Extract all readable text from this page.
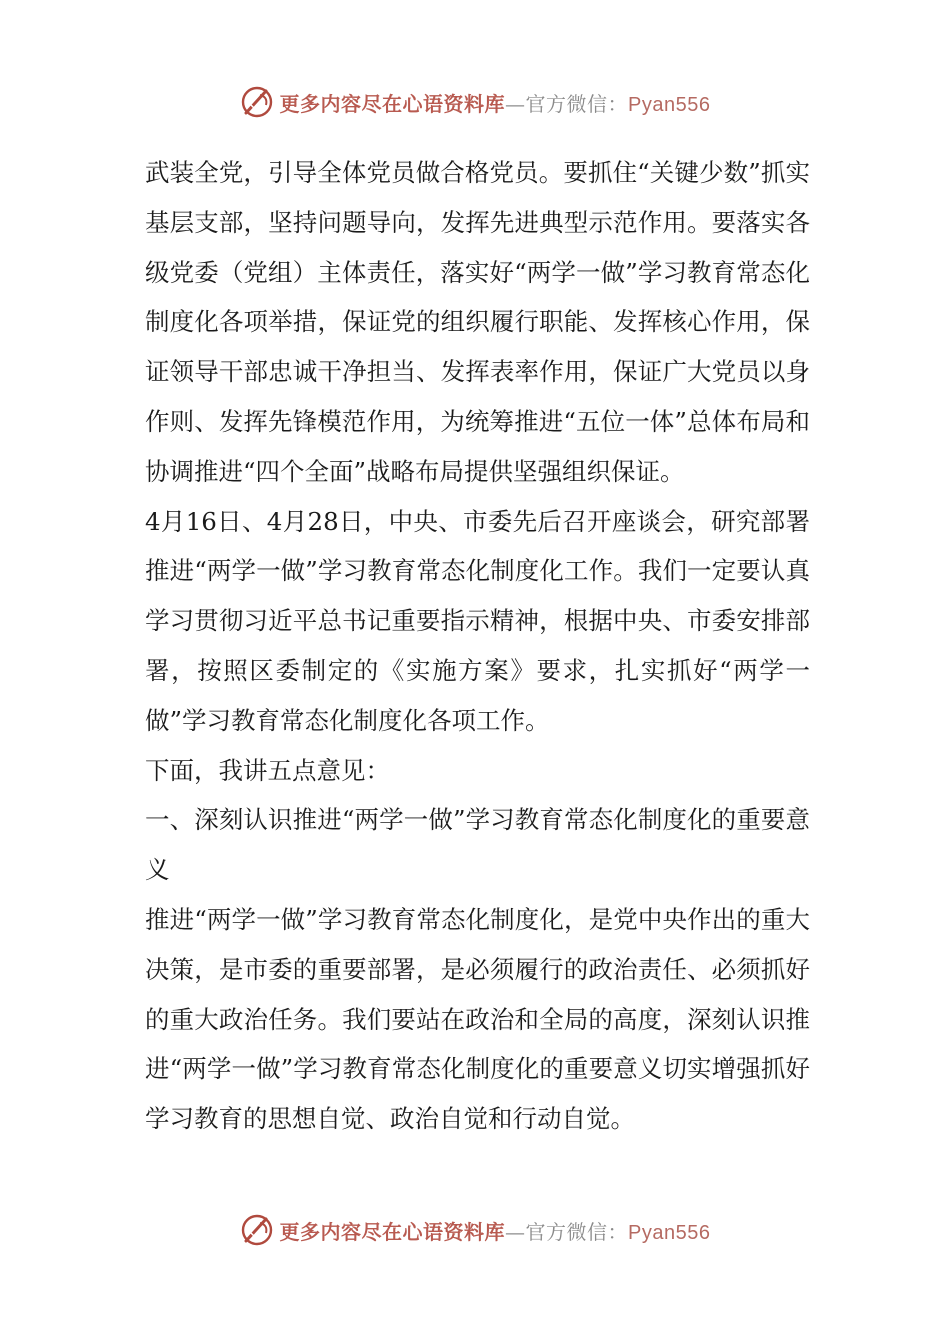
更多内容尽在心语资料库—官方微信：Pyan556

武装全党，引导全体党员做合格党员。要抓住“关键少数”抓实基层支部，坚持问题导向，发挥先进典型示范作用。要落实各级党委（党组）主体责任，落实好“两学一做”学习教育常态化制度化各项举措，保证党的组织履行职能、发挥核心作用，保证领导干部忠诚干净担当、发挥表率作用，保证广大党员以身作则、发挥先锋模范作用，为统筹推进“五位一体”总体布局和协调推进“四个全面”战略布局提供坚强组织保证。

4月16日、4月28日，中央、市委先后召开座谈会，研究部署推进“两学一做”学习教育常态化制度化工作。我们一定要认真学习贯彻习近平总书记重要指示精神，根据中央、市委安排部署，按照区委制定的《实施方案》要求，扎实抓好“两学一做”学习教育常态化制度化各项工作。

下面，我讲五点意见：

一、深刻认识推进“两学一做”学习教育常态化制度化的重要意义

推进“两学一做”学习教育常态化制度化，是党中央作出的重大决策，是市委的重要部署，是必须履行的政治责任、必须抓好的重大政治任务。我们要站在政治和全局的高度，深刻认识推进“两学一做”学习教育常态化制度化的重要意义切实增强抓好学习教育的思想自觉、政治自觉和行动自觉。

更多内容尽在心语资料库—官方微信：Pyan556
